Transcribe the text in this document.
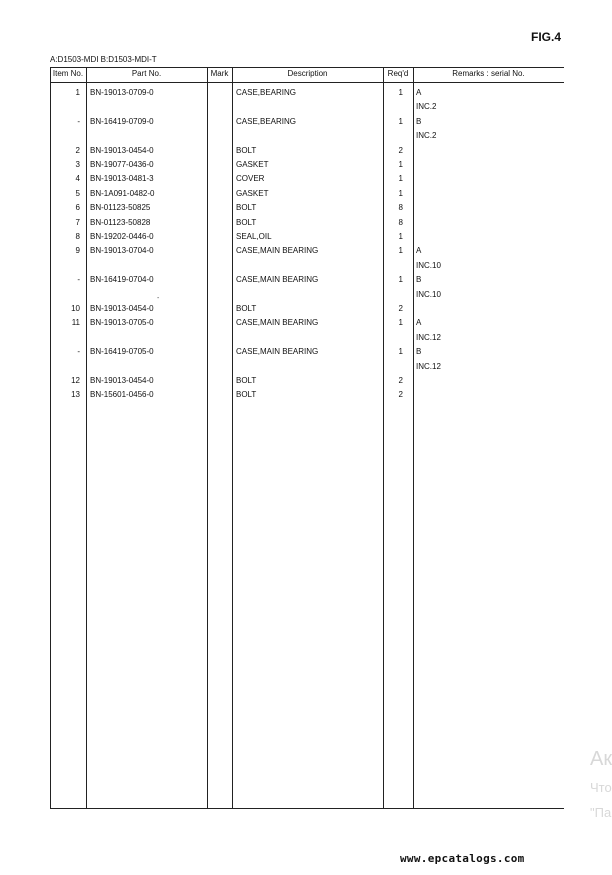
FIG.4
A:D1503-MDI B:D1503-MDI-T
Item No.	Part No.	Mark	Description	Req'd	Remarks : serial No.
1 BN-19013-0709-0	CASE,BEARING	1 A
INC.2
- BN-16419-0709-0	CASE,BEARING	1 B
INC.2
2 BN-19013-0454-0	BOLT	2
3 BN-19077-0436-0	GASKET	1
4 BN-19013-0481-3	COVER	1
5 BN-1A091-0482-0	GASKET	1
6 BN-01123-50825	BOLT	8
7 BN-01123-50828	BOLT	8
8 BN-19202-0446-0	SEAL,OIL	1
9 BN-19013-0704-0	CASE,MAIN BEARING	1 A
INC.10
- BN-16419-0704-0	CASE,MAIN BEARING	1 B
INC.10
10 BN-19013-0454-0	BOLT	2
11 BN-19013-0705-0	CASE,MAIN BEARING	1 A
INC.12
- BN-16419-0705-0	CASE,MAIN BEARING	1 B
INC.12
12 BN-19013-0454-0	BOLT	2
13 BN-15601-0456-0	BOLT	2
-
Ак
Что
"Па
www.epcatalogs.com
